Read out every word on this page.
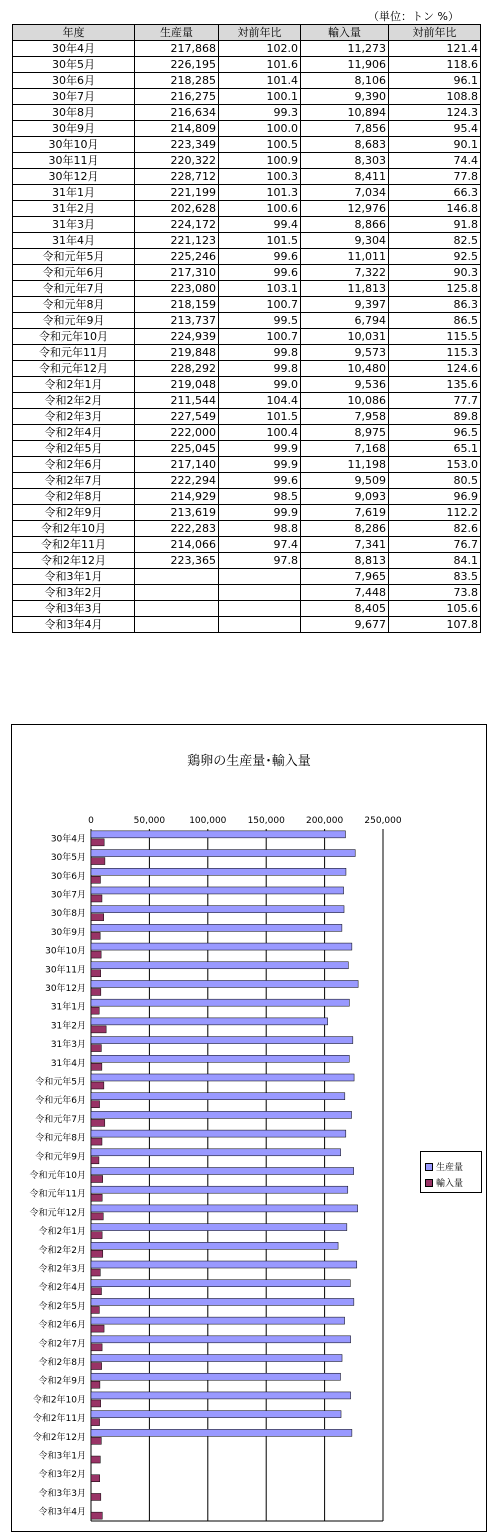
（単位：トン %）
年度	生産量	対前年比	輸入量	対前年比
30年4月	217,868	102.0	11,273	121.4
30年5月	226,195	101.6	11,906	118.6
30年6月	218,285	101.4	8,106	96.1
30年7月	216,275	100.1	9,390	108.8
30年8月	216,634	99.3	10,894	124.3
30年9月	214,809	100.0	7,856	95.4
30年10月	223,349	100.5	8,683	90.1
30年11月	220,322	100.9	8,303	74.4
30年12月	228,712	100.3	8,411	77.8
31年1月	221,199	101.3	7,034	66.3
31年2月	202,628	100.6	12,976	146.8
31年3月	224,172	99.4	8,866	91.8
31年4月	221,123	101.5	9,304	82.5
令和元年5月	225,246	99.6	11,011	92.5
令和元年6月	217,310	99.6	7,322	90.3
令和元年7月	223,080	103.1	11,813	125.8
令和元年8月	218,159	100.7	9,397	86.3
令和元年9月	213,737	99.5	6,794	86.5
令和元年10月	224,939	100.7	10,031	115.5
令和元年11月	219,848	99.8	9,573	115.3
令和元年12月	228,292	99.8	10,480	124.6
令和2年1月	219,048	99.0	9,536	135.6
令和2年2月	211,544	104.4	10,086	77.7
令和2年3月	227,549	101.5	7,958	89.8
令和2年4月	222,000	100.4	8,975	96.5
令和2年5月	225,045	99.9	7,168	65.1
令和2年6月	217,140	99.9	11,198	153.0
令和2年7月	222,294	99.6	9,509	80.5
令和2年8月	214,929	98.5	9,093	96.9
令和2年9月	213,619	99.9	7,619	112.2
令和2年10月	222,283	98.8	8,286	82.6
令和2年11月	214,066	97.4	7,341	76.7
令和2年12月	223,365	97.8	8,813	84.1
令和3年1月			7,965	83.5
令和3年2月			7,448	73.8
令和3年3月			8,405	105.6
令和3年4月			9,677	107.8
鶏卵の生産量･輸入量
0	50,000	100,000 150,000 200,000 250,000
30年4月
30年5月
30年6月
30年7月
30年8月
30年9月
30年10月
30年11月
30年12月
31年1月
31年2月
31年3月
31年4月
令和元年5月
令和元年6月
令和元年7月
令和元年8月
令和元年9月
令和元年10月
令和元年11月
令和元年12月
令和2年1月
令和2年2月
令和2年3月
令和2年4月
令和2年5月
令和2年6月
令和2年7月
令和2年8月
令和2年9月
令和2年10月
令和2年11月
令和2年12月
令和3年1月
令和3年2月
令和3年3月
令和3年4月
生産量
輸入量
